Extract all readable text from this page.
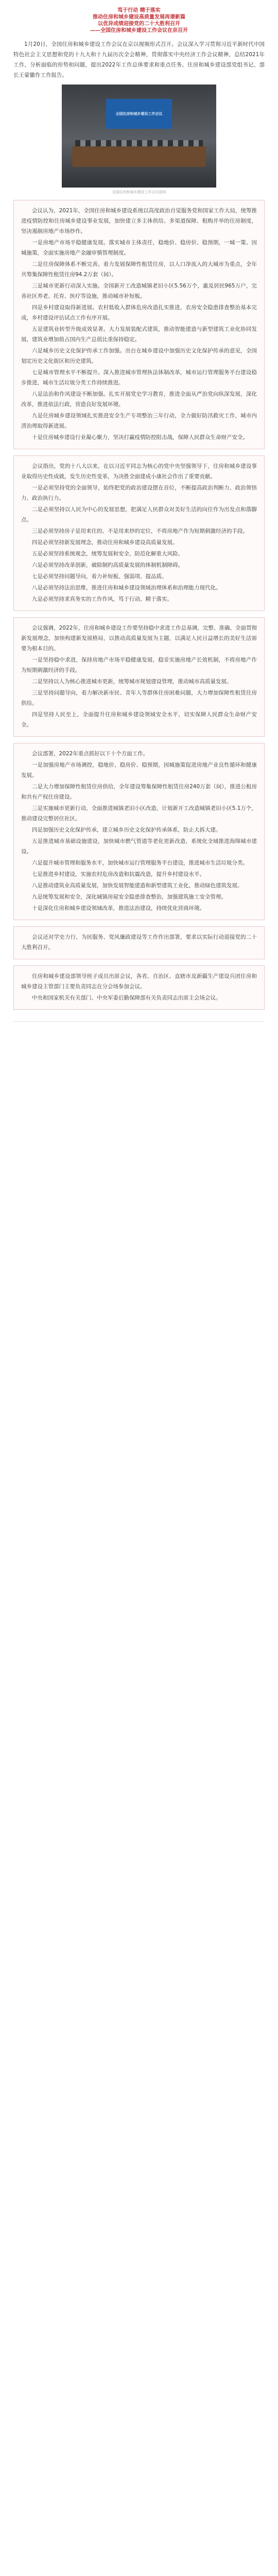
笃于行动 精于落实
推动住房和城乡建设高质量发展再谱新篇
以优异成绩迎接党的二十大胜利召开
——全国住房和城乡建设工作会议在京召开

1月20日，全国住房和城乡建设工作会议在京以视频形式召开。会议深入学习贯彻习近平新时代中国特色社会主义思想和党的十九大和十九届历次全会精神，贯彻落实中央经济工作会议精神，总结2021年工作，分析面临的形势和问题，提出2022年工作总体要求和重点任务。住房和城乡建设部党组书记、部长王蒙徽作工作报告。

全国住房和城乡建设工作会议
全国住房和城乡建设工作会议现场

会议认为，2021年，全国住房和城乡建设系统以高度政治自觉服务党和国家工作大局，统筹推进疫情防控和住房城乡建设事业发展，加快建立多主体供给、多渠道保障、租购并举的住房制度，坚决遏制房地产市场炒作。

一是房地产市场平稳健康发展。落实城市主体责任，稳地价、稳房价、稳预期，一城一策、因城施策，全面实施房地产金融审慎管理制度。

二是住房保障体系不断完善。着力发展保障性租赁住房，以人口净流入的大城市为重点，全年共筹集保障性租赁住房94.2万套（间）。

三是城市更新行动深入实施。全国新开工改造城镇老旧小区5.56万个，惠及居民965万户，完善社区养老、托育、医疗等设施，推动城市补短板。

四是乡村建设取得新进展。农村低收入群体危房改造扎实推进，农房安全隐患排查整治基本完成，乡村建设评估试点工作有序开展。

五是建筑业转型升级成效显著。大力发展装配式建筑，推动智能建造与新型建筑工业化协同发展，建筑业增加值占国内生产总值比重保持稳定。

六是城乡历史文化保护传承工作加强。出台在城乡建设中加强历史文化保护传承的意见，全国划定历史文化街区和历史建筑。

七是城市管理水平不断提升。深入推进城市管理执法体制改革，城市运行管理服务平台建设稳步推进，城市生活垃圾分类工作持续推进。

八是法治和作风建设不断加强。扎实开展党史学习教育，推进全面从严治党向纵深发展，深化改革，推进依法行政，营造良好发展环境。

九是住房城乡建设领域扎实推进安全生产专项整治三年行动，全力做好防汛救灾工作，城市内涝治理取得新进展。

十是住房城乡建设行业凝心聚力，坚决打赢疫情防控阻击战，保障人民群众生命财产安全。

会议指出，党的十八大以来，在以习近平同志为核心的党中央坚强领导下，住房和城乡建设事业取得历史性成就，发生历史性变革，为决胜全面建成小康社会作出了重要贡献。

一是必须坚持党的全面领导，始终把党的政治建设摆在首位，不断提高政治判断力、政治领悟力、政治执行力。

二是必须坚持以人民为中心的发展思想，把满足人民群众对美好生活的向往作为出发点和落脚点。

三是必须坚持房子是用来住的、不是用来炒的定位，不将房地产作为短期刺激经济的手段。

四是必须坚持新发展理念，推动住房和城乡建设高质量发展。

五是必须坚持系统观念，统筹发展和安全，防范化解重大风险。

六是必须坚持改革创新，破除制约高质量发展的体制机制障碍。

七是必须坚持问题导向，着力补短板、强弱项、提品质。

八是必须坚持法治思维，推进住房和城乡建设领域治理体系和治理能力现代化。

九是必须坚持求真务实的工作作风，笃于行动、精于落实。

会议强调，2022年，住房和城乡建设工作要坚持稳中求进工作总基调，完整、准确、全面贯彻新发展理念，加快构建新发展格局，以推动高质量发展为主题，以满足人民日益增长的美好生活需要为根本目的。

一是坚持稳中求进，保持房地产市场平稳健康发展，稳妥实施房地产长效机制，不将房地产作为短期刺激经济的手段。

二是坚持以人为核心推进城市更新，统筹城市规划建设管理，推动城市高质量发展。

三是坚持问题导向，着力解决新市民、青年人等群体住房困难问题，大力增加保障性租赁住房供给。

四是坚持人民至上，全面提升住房和城乡建设领域安全水平，切实保障人民群众生命财产安全。

会议部署，2022年重点抓好以下十个方面工作。

一是加强房地产市场调控，稳地价、稳房价、稳预期，因城施策促进房地产业良性循环和健康发展。

二是大力增加保障性租赁住房供给，全年建设筹集保障性租赁住房240万套（间），推进公租房和共有产权住房建设。

三是实施城市更新行动，全面推进城镇老旧小区改造，计划新开工改造城镇老旧小区5.1万个，推动建设完整居住社区。

四是加强历史文化保护传承，建立城乡历史文化保护传承体系，防止大拆大建。

五是推进城市基础设施建设，加快城市燃气管道等老化更新改造，系统化全域推进海绵城市建设。

六是提升城市管理和服务水平，加快城市运行管理服务平台建设，推进城市生活垃圾分类。

七是推进乡村建设，实施农村危房改造和抗震改造，提升乡村建设水平。

八是推动建筑业高质量发展，加快发展智能建造和新型建筑工业化，推动绿色建筑发展。

九是统筹发展和安全，深化城镇房屋安全隐患排查整治，加强建筑施工安全管理。

十是深化住房和城乡建设领域改革，推进法治建设，持续优化营商环境。

会议还对学史力行、为民服务、党风廉政建设等工作作出部署，要求以实际行动迎接党的二十大胜利召开。

住房和城乡建设部领导班子成员出席会议，各省、自治区、直辖市及新疆生产建设兵团住房和城乡建设主管部门主要负责同志在分会场参加会议。

中央和国家机关有关部门、中央军委后勤保障部有关负责同志出席主会场会议。
